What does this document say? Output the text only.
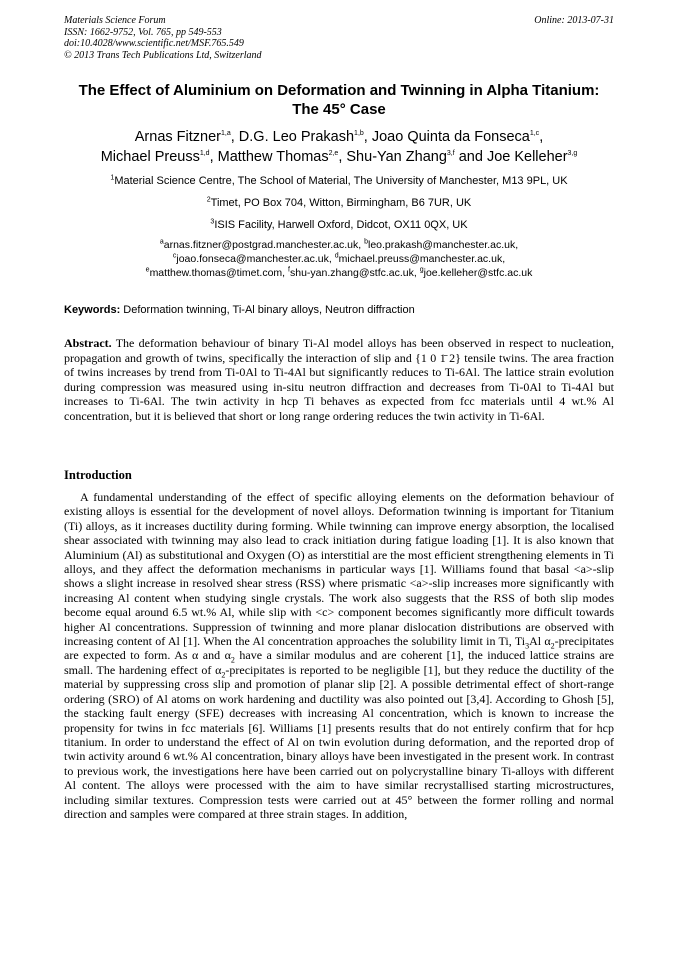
Materials Science Forum
ISSN: 1662-9752, Vol. 765, pp 549-553
doi:10.4028/www.scientific.net/MSF.765.549
© 2013 Trans Tech Publications Ltd, Switzerland
Online: 2013-07-31
The Effect of Aluminium on Deformation and Twinning in Alpha Titanium: The 45° Case
Arnas Fitzner$^{1,a}$, D.G. Leo Prakash$^{1,b}$, Joao Quinta da Fonseca$^{1,c}$,
Michael Preuss$^{1,d}$, Matthew Thomas$^{2,e}$, Shu-Yan Zhang$^{3,f}$ and Joe Kelleher$^{3,g}$
$^1$Material Science Centre, The School of Material, The University of Manchester, M13 9PL, UK
$^2$Timet, PO Box 704, Witton, Birmingham, B6 7UR, UK
$^3$ISIS Facility, Harwell Oxford, Didcot, OX11 0QX, UK
$^a$arnas.fitzner@postgrad.manchester.ac.uk, $^b$leo.prakash@manchester.ac.uk,
$^c$joao.fonseca@manchester.ac.uk, $^d$michael.preuss@manchester.ac.uk,
$^e$matthew.thomas@timet.com, $^f$shu-yan.zhang@stfc.ac.uk, $^g$joe.kelleher@stfc.ac.uk
Keywords: Deformation twinning, Ti-Al binary alloys, Neutron diffraction
Abstract. The deformation behaviour of binary Ti-Al model alloys has been observed in respect to nucleation, propagation and growth of twins, specifically the interaction of slip and {1 0 1̄ 2} tensile twins. The area fraction of twins increases by trend from Ti-0Al to Ti-4Al but significantly reduces to Ti-6Al. The lattice strain evolution during compression was measured using in-situ neutron diffraction and decreases from Ti-0Al to Ti-4Al but increases to Ti-6Al. The twin activity in hcp Ti behaves as expected from fcc materials until 4 wt.% Al concentration, but it is believed that short or long range ordering reduces the twin activity in Ti-6Al.
Introduction
A fundamental understanding of the effect of specific alloying elements on the deformation behaviour of existing alloys is essential for the development of novel alloys. Deformation twinning is important for Titanium (Ti) alloys, as it increases ductility during forming. While twinning can improve energy absorption, the localised shear associated with twinning may also lead to crack initiation during fatigue loading [1]. It is also known that Aluminium (Al) as substitutional and Oxygen (O) as interstitial are the most efficient strengthening elements in Ti alloys, and they affect the deformation mechanisms in particular ways [1]. Williams found that basal <a>-slip shows a slight increase in resolved shear stress (RSS) where prismatic <a>-slip increases more significantly with increasing Al content when studying single crystals. The work also suggests that the RSS of both slip modes become equal around 6.5 wt.% Al, while slip with <c> component becomes significantly more difficult towards higher Al concentrations. Suppression of twinning and more planar dislocation distributions are observed with increasing content of Al [1]. When the Al concentration approaches the solubility limit in Ti, $Ti_3Al$ $\alpha_2$-precipitates are expected to form. As α and $\alpha_2$ have a similar modulus and are coherent [1], the induced lattice strains are small. The hardening effect of $\alpha_2$-precipitates is reported to be negligible [1], but they reduce the ductility of the material by suppressing cross slip and promotion of planar slip [2]. A possible detrimental effect of short-range ordering (SRO) of Al atoms on work hardening and ductility was also pointed out [3,4]. According to Ghosh [5], the stacking fault energy (SFE) decreases with increasing Al concentration, which is known to increase the propensity for twins in fcc materials [6]. Williams [1] presents results that do not entirely confirm that for hcp titanium. In order to understand the effect of Al on twin evolution during deformation, and the reported drop of twin activity around 6 wt.% Al concentration, binary alloys have been investigated in the present work. In contrast to previous work, the investigations here have been carried out on polycrystalline binary Ti-alloys with different Al content. The alloys were processed with the aim to have similar recrystallised starting microstructures, including similar textures. Compression tests were carried out at 45° between the former rolling and normal direction and samples were compared at three strain stages. In addition,
